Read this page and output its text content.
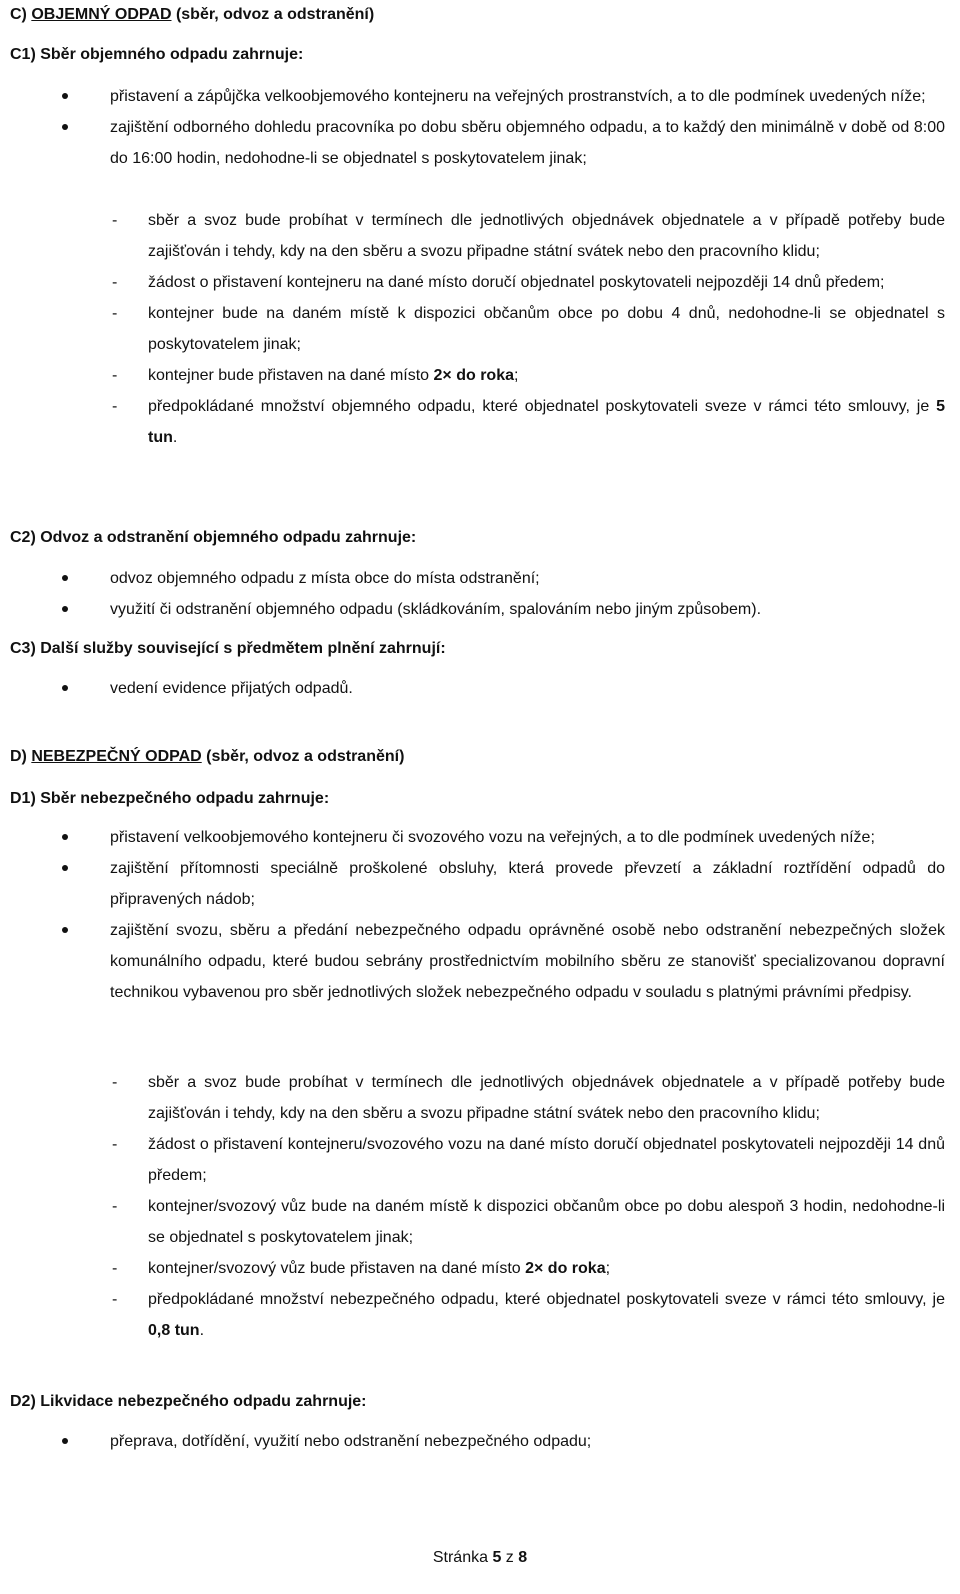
C) OBJEMNÝ ODPAD (sběr, odvoz a odstranění)

C1) Sběr objemného odpadu zahrnuje:

přistavení a zápůjčka velkoobjemového kontejneru na veřejných prostranstvích, a to dle podmínek uvedených níže;
zajištění odborného dohledu pracovníka po dobu sběru objemného odpadu, a to každý den minimálně v době od 8:00 do 16:00 hodin, nedohodne-li se objednatel s poskytovatelem jinak;
- sběr a svoz bude probíhat v termínech dle jednotlivých objednávek objednatele a v případě potřeby bude zajišťován i tehdy, kdy na den sběru a svozu připadne státní svátek nebo den pracovního klidu;
- žádost o přistavení kontejneru na dané místo doručí objednatel poskytovateli nejpozději 14 dnů předem;
- kontejner bude na daném místě k dispozici občanům obce po dobu 4 dnů, nedohodne-li se objednatel s poskytovatelem jinak;
- kontejner bude přistaven na dané místo 2× do roka;
- předpokládané množství objemného odpadu, které objednatel poskytovateli sveze v rámci této smlouvy, je 5 tun.

C2) Odvoz a odstranění objemného odpadu zahrnuje:

odvoz objemného odpadu z místa obce do místa odstranění;
využití či odstranění objemného odpadu (skládkováním, spalováním nebo jiným způsobem).

C3) Další služby související s předmětem plnění zahrnují:

vedení evidence přijatých odpadů.

D) NEBEZPEČNÝ ODPAD (sběr, odvoz a odstranění)

D1) Sběr nebezpečného odpadu zahrnuje:

přistavení velkoobjemového kontejneru či svozového vozu na veřejných, a to dle podmínek uvedených níže;
zajištění přítomnosti speciálně proškolené obsluhy, která provede převzetí a základní roztřídění odpadů do připravených nádob;
zajištění svozu, sběru a předání nebezpečného odpadu oprávněné osobě nebo odstranění nebezpečných složek komunálního odpadu, které budou sebrány prostřednictvím mobilního sběru ze stanovišť specializovanou dopravní technikou vybavenou pro sběr jednotlivých složek nebezpečného odpadu v souladu s platnými právními předpisy.
- sběr a svoz bude probíhat v termínech dle jednotlivých objednávek objednatele a v případě potřeby bude zajišťován i tehdy, kdy na den sběru a svozu připadne státní svátek nebo den pracovního klidu;
- žádost o přistavení kontejneru/svozového vozu na dané místo doručí objednatel poskytovateli nejpozději 14 dnů předem;
- kontejner/svozový vůz bude na daném místě k dispozici občanům obce po dobu alespoň 3 hodin, nedohodne-li se objednatel s poskytovatelem jinak;
- kontejner/svozový vůz bude přistaven na dané místo 2× do roka;
- předpokládané množství nebezpečného odpadu, které objednatel poskytovateli sveze v rámci této smlouvy, je 0,8 tun.

D2) Likvidace nebezpečného odpadu zahrnuje:

přeprava, dotřídění, využití nebo odstranění nebezpečného odpadu;
Stránka 5 z 8
